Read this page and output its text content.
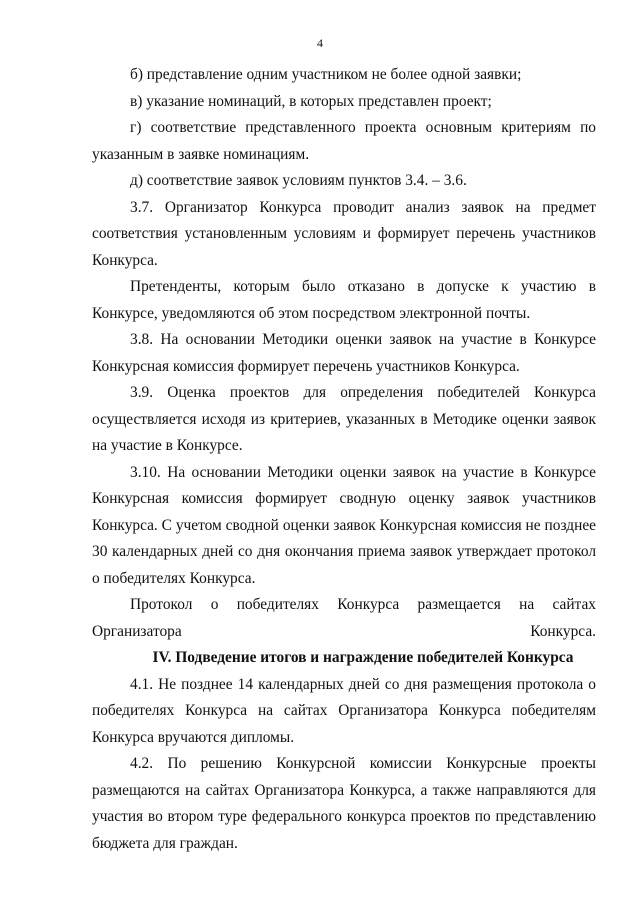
4

б) представление одним участником не более одной заявки;

в) указание номинаций, в которых представлен проект;

г) соответствие представленного проекта основным критериям по указанным в заявке номинациям.

д) соответствие заявок условиям пунктов 3.4. – 3.6.

3.7. Организатор Конкурса проводит анализ заявок на предмет соответствия установленным условиям и формирует перечень участников Конкурса.

Претенденты, которым было отказано в допуске к участию в Конкурсе, уведомляются об этом посредством электронной почты.

3.8. На основании Методики оценки заявок на участие в Конкурсе Конкурсная комиссия формирует перечень участников Конкурса.

3.9. Оценка проектов для определения победителей Конкурса осуществляется исходя из критериев, указанных в Методике оценки заявок на участие в Конкурсе.

3.10. На основании Методики оценки заявок на участие в Конкурсе Конкурсная комиссия формирует сводную оценку заявок участников Конкурса. С учетом сводной оценки заявок Конкурсная комиссия не позднее 30 календарных дней со дня окончания приема заявок утверждает протокол о победителях Конкурса.

Протокол о победителях Конкурса размещается на сайтах Организатора Конкурса.

IV. Подведение итогов и награждение победителей Конкурса

4.1. Не позднее 14 календарных дней со дня размещения протокола о победителях Конкурса на сайтах Организатора Конкурса победителям Конкурса вручаются дипломы.

4.2. По решению Конкурсной комиссии Конкурсные проекты размещаются на сайтах Организатора Конкурса, а также направляются для участия во втором туре федерального конкурса проектов по представлению бюджета для граждан.
